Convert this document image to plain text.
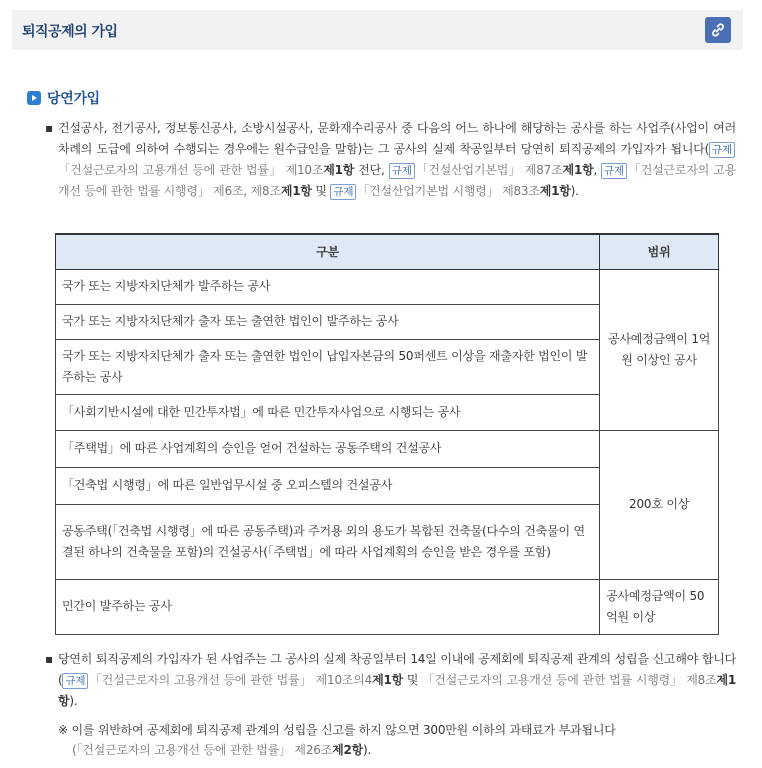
퇴직공제의 가입
당연가입
▪ 건설공사, 전기공사, 정보통신공사, 소방시설공사, 문화재수리공사 중 다음의 어느 하나에 해당하는 공사를 하는 사업주(사업이 여러 차례의 도급에 의하여 수행되는 경우에는 원수급인을 말함)는 그 공사의 실제 착공일부터 당연히 퇴직공제의 가입자가 됩니다( 규제「건설근로자의 고용개선 등에 관한 법률」 제10조제1항 전단, 규제 「건설산업기본법」 제87조제1항, 규제 「건설근로자의 고용개선 등에 관한 법률 시행령」 제6조, 제8조제1항 및 규제 「건설산업기본법 시행령」 제83조제1항).
구분	범위
국가 또는 지방자치단체가 발주하는 공사	공사예정금액이 1억원 이상인 공사
국가 또는 지방자치단체가 출자 또는 출연한 법인이 발주하는 공사	
국가 또는 지방자치단체가 출자 또는 출연한 법인이 납입자본금의 50퍼센트 이상을 재출자한 법인이 발주하는 공사	
「사회기반시설에 대한 민간투자법」에 따른 민간투자사업으로 시행되는 공사	
「주택법」에 따른 사업계획의 승인을 얻어 건설하는 공동주택의 건설공사	200호 이상
「건축법 시행령」에 따른 일반업무시설 중 오피스텔의 건설공사	
공동주택(「건축법 시행령」에 따른 공동주택)과 주거용 외의 용도가 복합된 건축물(다수의 건축물이 연결된 하나의 건축물을 포함)의 건설공사(「주택법」에 따라 사업계획의 승인을 받은 경우를 포함)	
민간이 발주하는 공사	공사예정금액이 50억원 이상
▪ 당연히 퇴직공제의 가입자가 된 사업주는 그 공사의 실제 착공일부터 14일 이내에 공제회에 퇴직공제 관계의 성립을 신고해야 합니다( 규제 「건설근로자의 고용개선 등에 관한 법률」 제10조의4제1항 및 「건설근로자의 고용개선 등에 관한 법률 시행령」 제8조제1항).
※ 이를 위반하여 공제회에 퇴직공제 관계의 성립을 신고를 하지 않으면 300만원 이하의 과태료가 부과됩니다
(「건설근로자의 고용개선 등에 관한 법률」 제26조제2항).
